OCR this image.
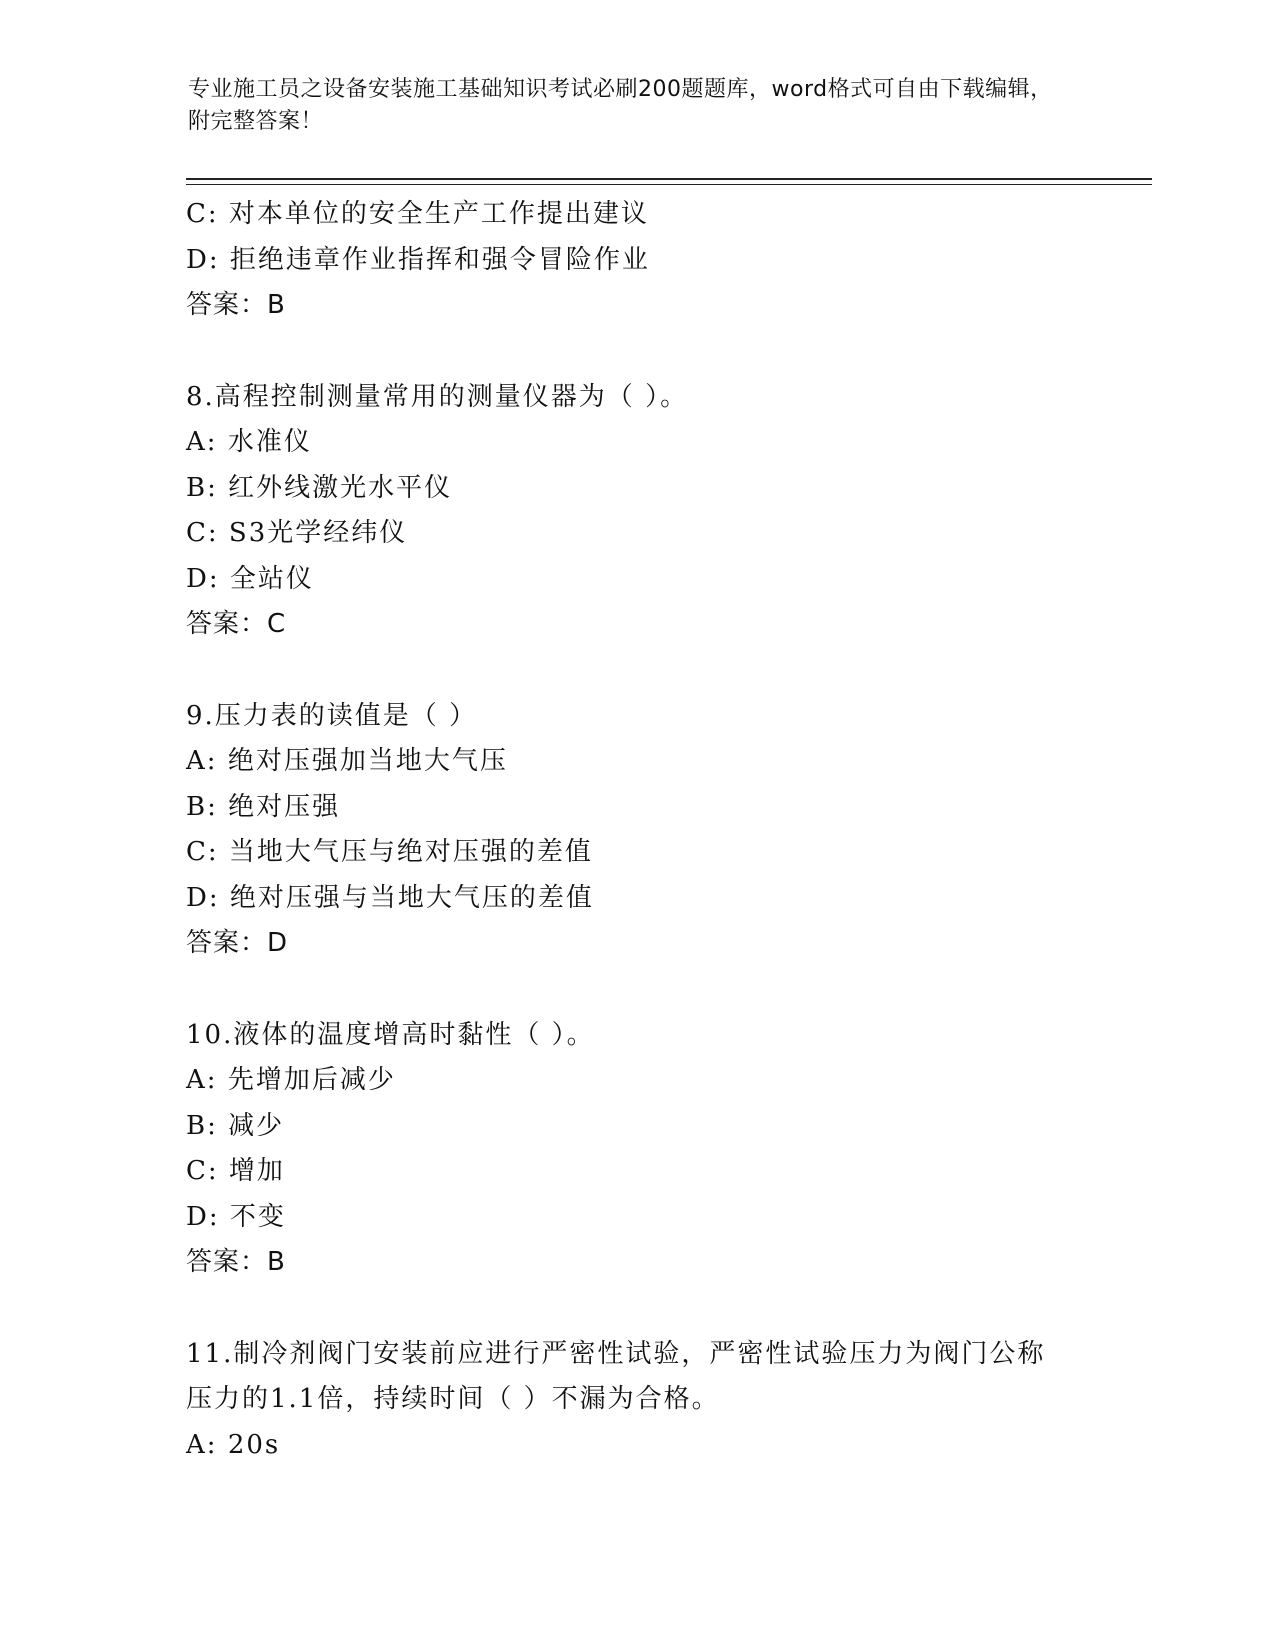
专业施工员之设备安装施工基础知识考试必刷200题题库，word格式可自由下载编辑，附完整答案！
C: 对本单位的安全生产工作提出建议
D: 拒绝违章作业指挥和强令冒险作业
答案：B
8.高程控制测量常用的测量仪器为（ ）。
A: 水准仪
B: 红外线激光水平仪
C: S3光学经纬仪
D: 全站仪
答案：C
9.压力表的读值是（ ）
A: 绝对压强加当地大气压
B: 绝对压强
C: 当地大气压与绝对压强的差值
D: 绝对压强与当地大气压的差值
答案：D
10.液体的温度增高时黏性（ ）。
A: 先增加后减少
B: 减少
C: 增加
D: 不变
答案：B
11.制冷剂阀门安装前应进行严密性试验，严密性试验压力为阀门公称压力的1.1倍，持续时间（ ）不漏为合格。
A: 20s
